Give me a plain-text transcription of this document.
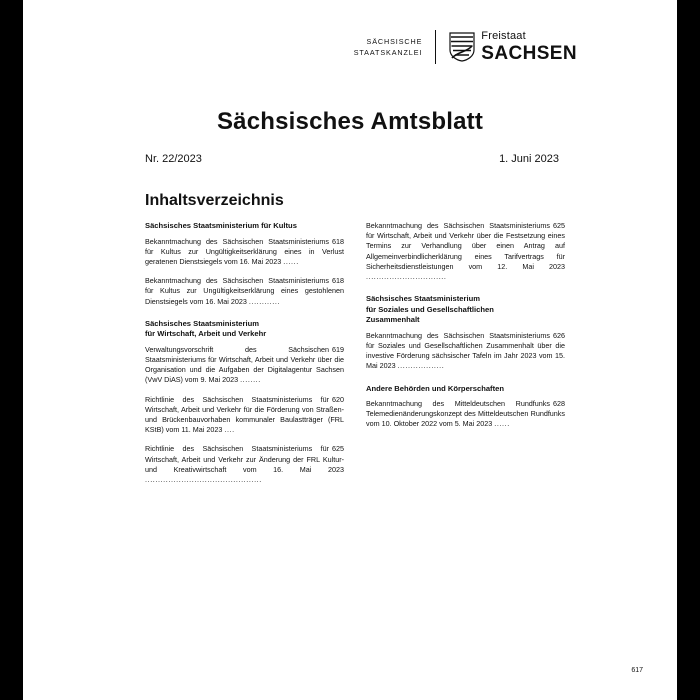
SÄCHSISCHE
STAATSKANZLEI
Freistaat
SACHSEN
Sächsisches Amtsblatt
Nr. 22/2023	1. Juni 2023
Inhaltsverzeichnis
Sächsisches Staatsministerium für Kultus
618
Bekanntmachung des Sächsischen Staatsministeriums für Kultus zur Ungültigkeitserklärung eines in Verlust geratenen Dienstsiegels vom 16. Mai 2023 ......
618
Bekanntmachung des Sächsischen Staatsministeriums für Kultus zur Ungültigkeitserklärung eines gestohlenen Dienstsiegels vom 16. Mai 2023 ............
Sächsisches Staatsministerium
für Wirtschaft, Arbeit und Verkehr
619
Verwaltungsvorschrift des Sächsischen Staatsministeriums für Wirtschaft, Arbeit und Verkehr über die Organisation und die Aufgaben der Digitalagentur Sachsen (VwV DiAS) vom 9. Mai 2023 ........
620
Richtlinie des Sächsischen Staatsministeriums für Wirtschaft, Arbeit und Verkehr für die Förderung von Straßen- und Brückenbauvorhaben kommunaler Baulastträger (FRL KStB) vom 11. Mai 2023 ....
625
Richtlinie des Sächsischen Staatsministeriums für Wirtschaft, Arbeit und Verkehr zur Änderung der FRL Kultur- und Kreativwirtschaft vom 16. Mai 2023 .............................................
625
Bekanntmachung des Sächsischen Staatsministeriums für Wirtschaft, Arbeit und Verkehr über die Festsetzung eines Termins zur Verhandlung über einen Antrag auf Allgemeinverbindlicherklärung eines Tarifvertrags für Sicherheitsdienstleistungen vom 12. Mai 2023 ...............................
Sächsisches Staatsministerium
für Soziales und Gesellschaftlichen
Zusammenhalt
626
Bekanntmachung des Sächsischen Staatsministeriums für Soziales und Gesellschaftlichen Zusammenhalt über die investive Förderung sächsischer Tafeln im Jahr 2023 vom 15. Mai 2023 ..................
Andere Behörden und Körperschaften
628
Bekanntmachung des Mitteldeutschen Rundfunks Telemedienänderungskonzept des Mitteldeutschen Rundfunks vom 10. Oktober 2022 vom 5. Mai 2023 ......
617
